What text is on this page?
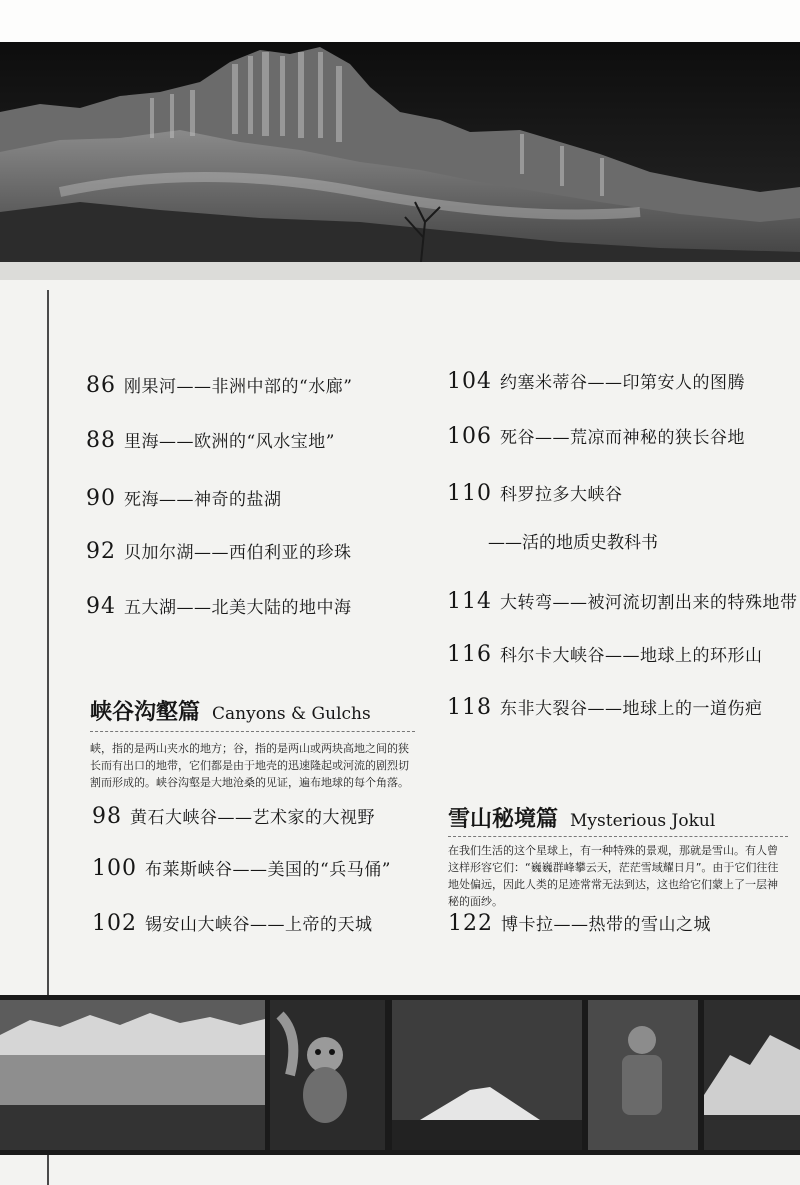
86 刚果河——非洲中部的“水廊”
88 里海——欧洲的“风水宝地”
90 死海——神奇的盐湖
92 贝加尔湖——西伯利亚的珍珠
94 五大湖——北美大陆的地中海
峡谷沟壑篇 Canyons & Gulchs
峡，指的是两山夹水的地方；谷，指的是两山或两块高地之间的狭长而有出口的地带，它们都是由于地壳的迅速隆起或河流的剧烈切割而形成的。峡谷沟壑是大地沧桑的见证，遍布地球的每个角落。
98 黄石大峡谷——艺术家的大视野
100 布莱斯峡谷——美国的“兵马俑”
102 锡安山大峡谷——上帝的天城
104 约塞米蒂谷——印第安人的图腾
106 死谷——荒凉而神秘的狭长谷地
110 科罗拉多大峡谷
——活的地质史教科书
114 大转弯——被河流切割出来的特殊地带
116 科尔卡大峡谷——地球上的环形山
118 东非大裂谷——地球上的一道伤疤
雪山秘境篇 Mysterious Jokul
在我们生活的这个星球上，有一种特殊的景观，那就是雪山。有人曾这样形容它们：“巍巍群峰攀云天，茫茫雪域耀日月”。由于它们往往地处偏远，因此人类的足迹常常无法到达，这也给它们蒙上了一层神秘的面纱。
122 博卡拉——热带的雪山之城
